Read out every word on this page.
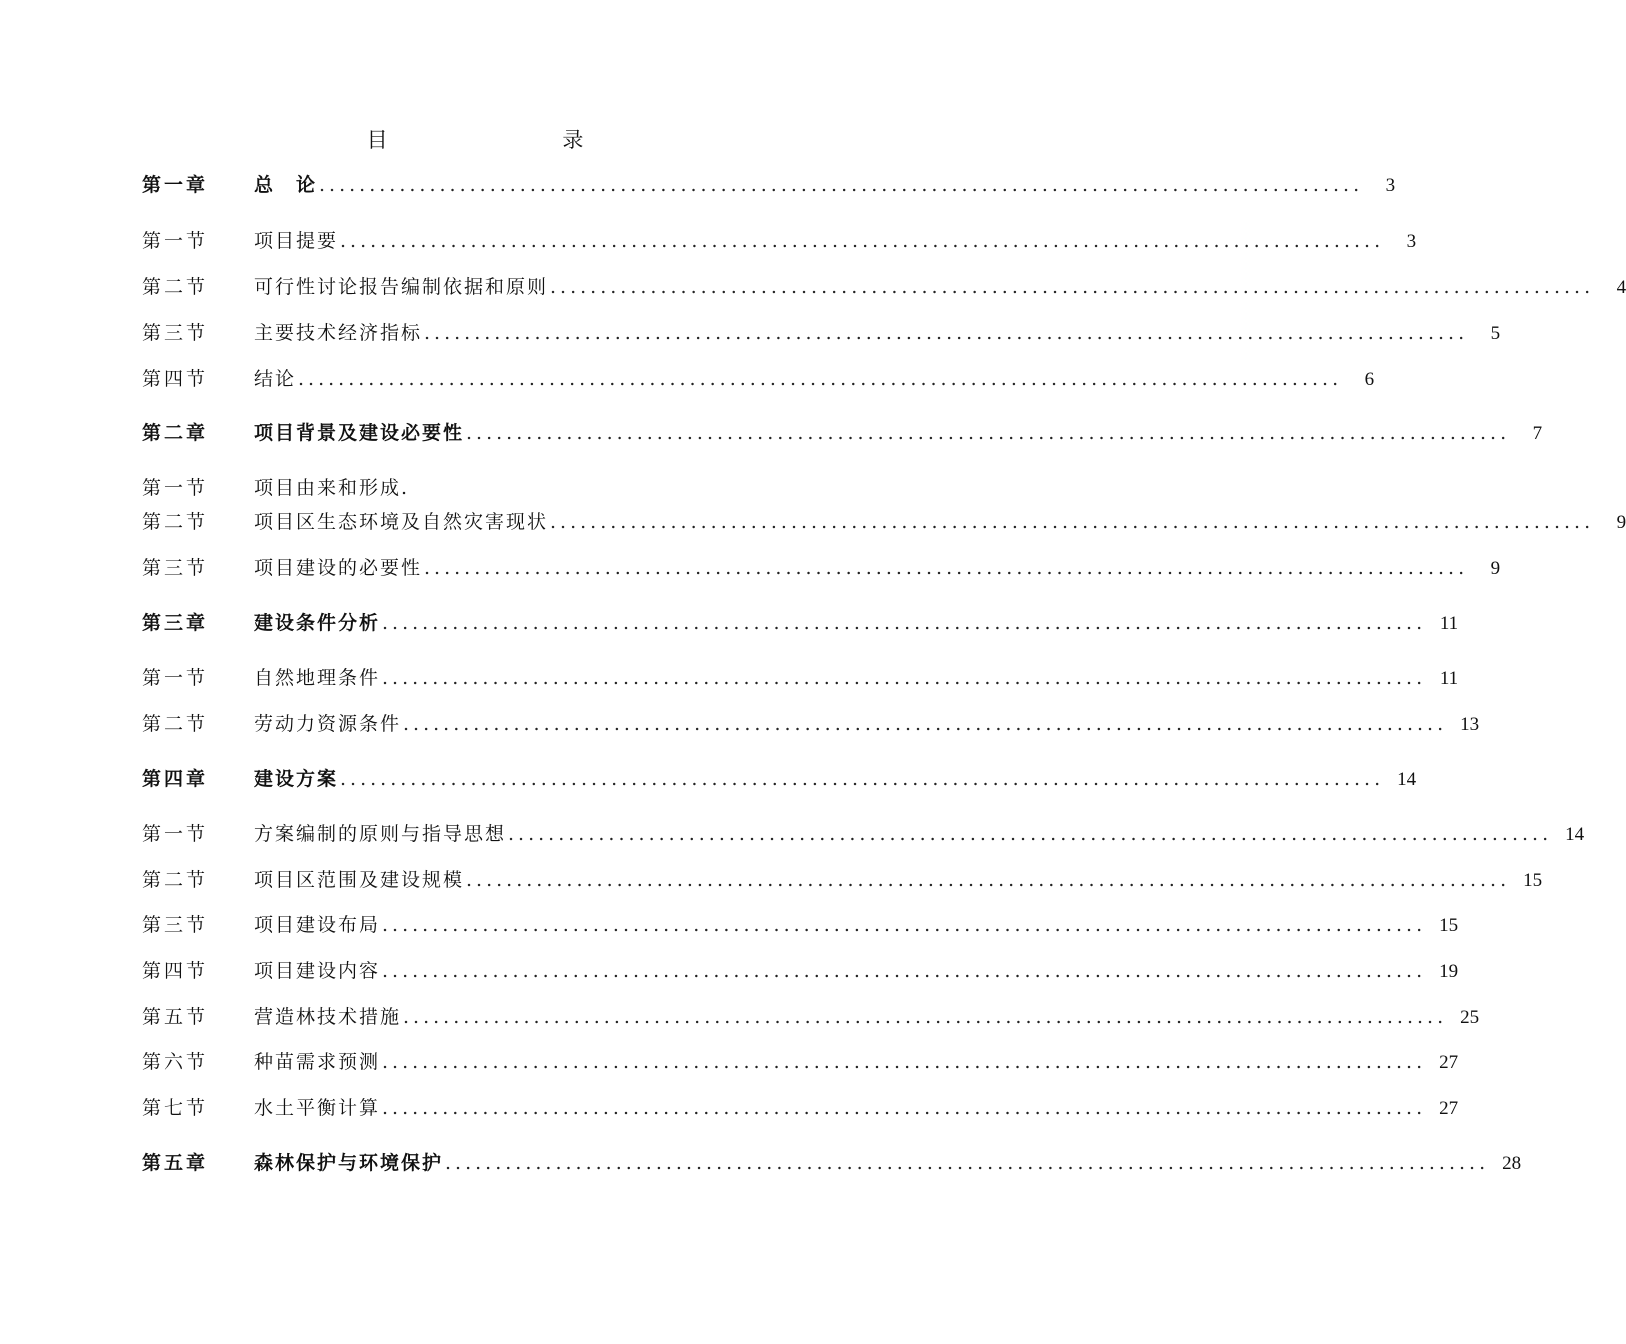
目 录
第一章	总　论 ........................................................................................................	3
第一节	项目提要 ........................................................................................................	3
第二节	可行性讨论报告编制依据和原则 ........................................................................................................	4
第三节	主要技术经济指标 ........................................................................................................	5
第四节	结论 ........................................................................................................	6
第二章	项目背景及建设必要性 ........................................................................................................	7
第一节	项目由来和形成.
第二节	项目区生态环境及自然灾害现状 ........................................................................................................	9
第三节	项目建设的必要性 ........................................................................................................	9
第三章	建设条件分析 ........................................................................................................ 11
第一节	自然地理条件 ........................................................................................................ 11
第二节	劳动力资源条件 ........................................................................................................ 13
第四章	建设方案 ........................................................................................................ 14
第一节	方案编制的原则与指导思想 ........................................................................................................ 14
第二节	项目区范围及建设规模 ........................................................................................................ 15
第三节	项目建设布局 ........................................................................................................ 15
第四节	项目建设内容 ........................................................................................................ 19
第五节	营造林技术措施 ........................................................................................................ 25
第六节	种苗需求预测 ........................................................................................................ 27
第七节	水土平衡计算 ........................................................................................................ 27
第五章	森林保护与环境保护 ........................................................................................................ 28
